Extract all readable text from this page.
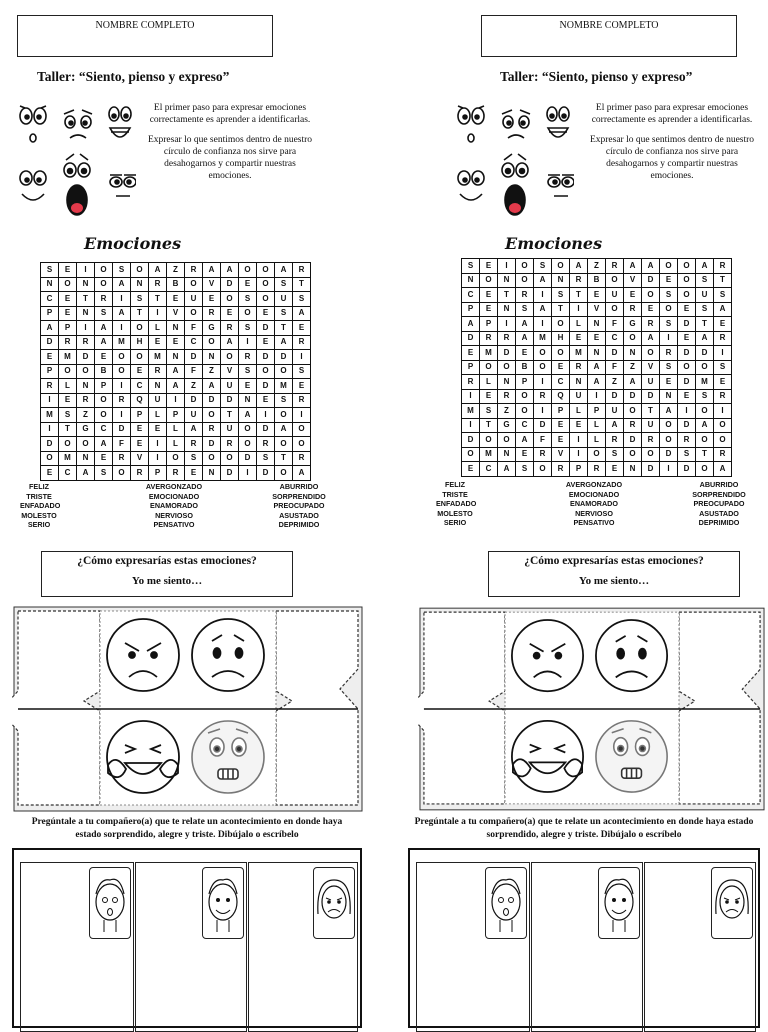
NOMBRE COMPLETO
Taller: “Siento, pienso y expreso”

El primer paso para expresar emociones correctamente es aprender a identificarlas.

Expresar lo que sentimos dentro de nuestro círculo de confianza nos sirve para desahogarnos y compartir nuestras emociones.

Emociones
S	E	I	O	S	O	A	Z	R	A	A	O	O	A	R
N	O	N	O	A	N	R	B	O	V	D	E	O	S	T
C	E	T	R	I	S	T	E	U	E	O	S	O	U	S
P	E	N	S	A	T	I	V	O	R	E	O	E	S	A
A	P	I	A	I	O	L	N	F	G	R	S	D	T	E
D	R	R	A	M	H	E	E	C	O	A	I	E	A	R
E	M	D	E	O	O	M	N	D	N	O	R	D	D	I
P	O	O	B	O	E	R	A	F	Z	V	S	O	O	S
R	L	N	P	I	C	N	A	Z	A	U	E	D	M	E
I	E	R	O	R	Q	U	I	D	D	D	N	E	S	R
M	S	Z	O	I	P	L	P	U	O	T	A	I	O	I
I	T	G	C	D	E	E	L	A	R	U	O	D	A	O
D	O	O	A	F	E	I	L	R	D	R	O	R	O	O
O	M	N	E	R	V	I	O	S	O	O	D	S	T	R
E	C	A	S	O	R	P	R	E	N	D	I	D	O	A
FELIZ
TRISTE
ENFADADO
MOLESTO
SERIO
AVERGONZADO
EMOCIONADO
ENAMORADO
NERVIOSO
PENSATIVO
ABURRIDO
SORPRENDIDO
PREOCUPADO
ASUSTADO
DEPRIMIDO
¿Cómo expresarías estas emociones?
Yo me siento…
Pregúntale a tu compañero(a) que te relate un acontecimiento en donde haya estado sorprendido, alegre y triste. Dibújalo o escríbelo
NOMBRE COMPLETO
Taller: “Siento, pienso y expreso”

El primer paso para expresar emociones correctamente es aprender a identificarlas.

Expresar lo que sentimos dentro de nuestro círculo de confianza nos sirve para desahogarnos y compartir nuestras emociones.

Emociones
S	E	I	O	S	O	A	Z	R	A	A	O	O	A	R
N	O	N	O	A	N	R	B	O	V	D	E	O	S	T
C	E	T	R	I	S	T	E	U	E	O	S	O	U	S
P	E	N	S	A	T	I	V	O	R	E	O	E	S	A
A	P	I	A	I	O	L	N	F	G	R	S	D	T	E
D	R	R	A	M	H	E	E	C	O	A	I	E	A	R
E	M	D	E	O	O	M	N	D	N	O	R	D	D	I
P	O	O	B	O	E	R	A	F	Z	V	S	O	O	S
R	L	N	P	I	C	N	A	Z	A	U	E	D	M	E
I	E	R	O	R	Q	U	I	D	D	D	N	E	S	R
M	S	Z	O	I	P	L	P	U	O	T	A	I	O	I
I	T	G	C	D	E	E	L	A	R	U	O	D	A	O
D	O	O	A	F	E	I	L	R	D	R	O	R	O	O
O	M	N	E	R	V	I	O	S	O	O	D	S	T	R
E	C	A	S	O	R	P	R	E	N	D	I	D	O	A
FELIZ
TRISTE
ENFADADO
MOLESTO
SERIO
AVERGONZADO
EMOCIONADO
ENAMORADO
NERVIOSO
PENSATIVO
ABURRIDO
SORPRENDIDO
PREOCUPADO
ASUSTADO
DEPRIMIDO
¿Cómo expresarías estas emociones?
Yo me siento…
Pregúntale a tu compañero(a) que te relate un acontecimiento en donde haya estado sorprendido, alegre y triste. Dibújalo o escríbelo
